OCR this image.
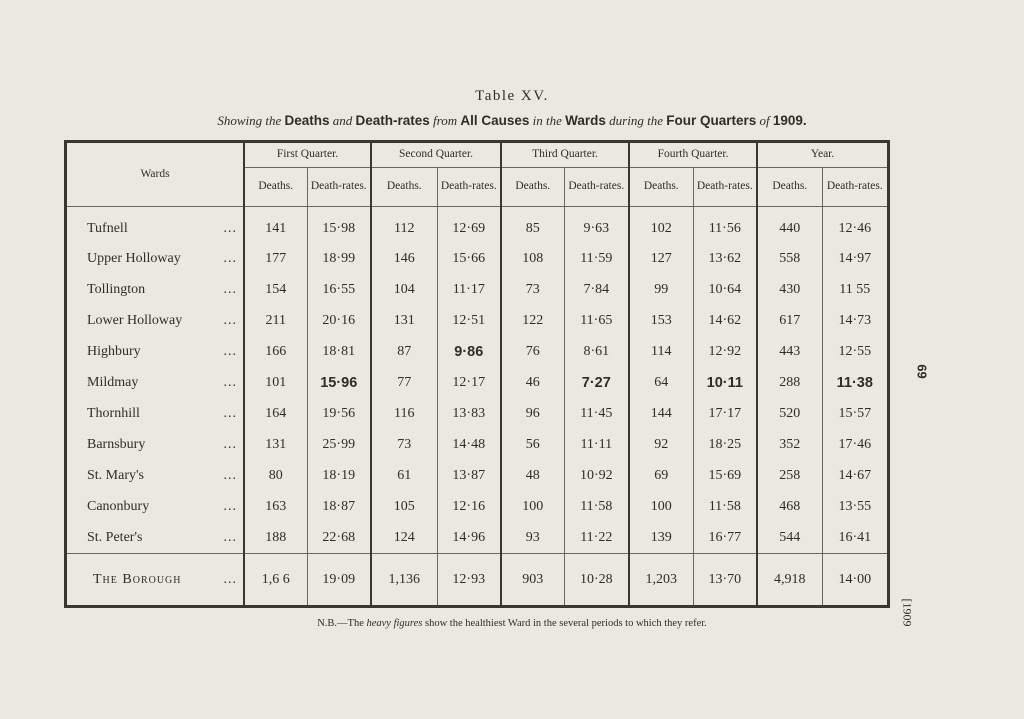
Table XV.
Showing the Deaths and Death-rates from All Causes in the Wards during the Four Quarters of 1909.
Wards	First Quarter.		Second Quarter.		Third Quarter.		Fourth Quarter.		Year.	
	Deaths.	Death-rates.	Deaths.	Death-rates.	Deaths.	Death-rates.	Deaths.	Death-rates.	Deaths.	Death-rates.

...
Tufnell	141	15·98	112	12·69	85	9·63	102	11·56	440	12·46

...
Upper Holloway	177	18·99	146	15·66	108	11·59	127	13·62	558	14·97

...
Tollington	154	16·55	104	11·17	73	7·84	99	10·64	430	11 55

...
Lower Holloway	211	20·16	131	12·51	122	11·65	153	14·62	617	14·73

...
Highbury	166	18·81	87	9·86	76	8·61	114	12·92	443	12·55

...
Mildmay	101	15·96	77	12·17	46	7·27	64	10·11	288	11·38

...
Thornhill	164	19·56	116	13·83	96	11·45	144	17·17	520	15·57

...
Barnsbury	131	25·99	73	14·48	56	11·11	92	18·25	352	17·46

...
St. Mary's	80	18·19	61	13·87	48	10·92	69	15·69	258	14·67

...
Canonbury	163	18·87	105	12·16	100	11·58	100	11·58	468	13·55

...
St. Peter's	188	22·68	124	14·96	93	11·22	139	16·77	544	16·41

...
The Borough	1,6 6	19·09	1,136	12·93	903	10·28	1,203	13·70	4,918	14·00
N.B.—The heavy figures show the healthiest Ward in the several periods to which they refer.
69
[1909
